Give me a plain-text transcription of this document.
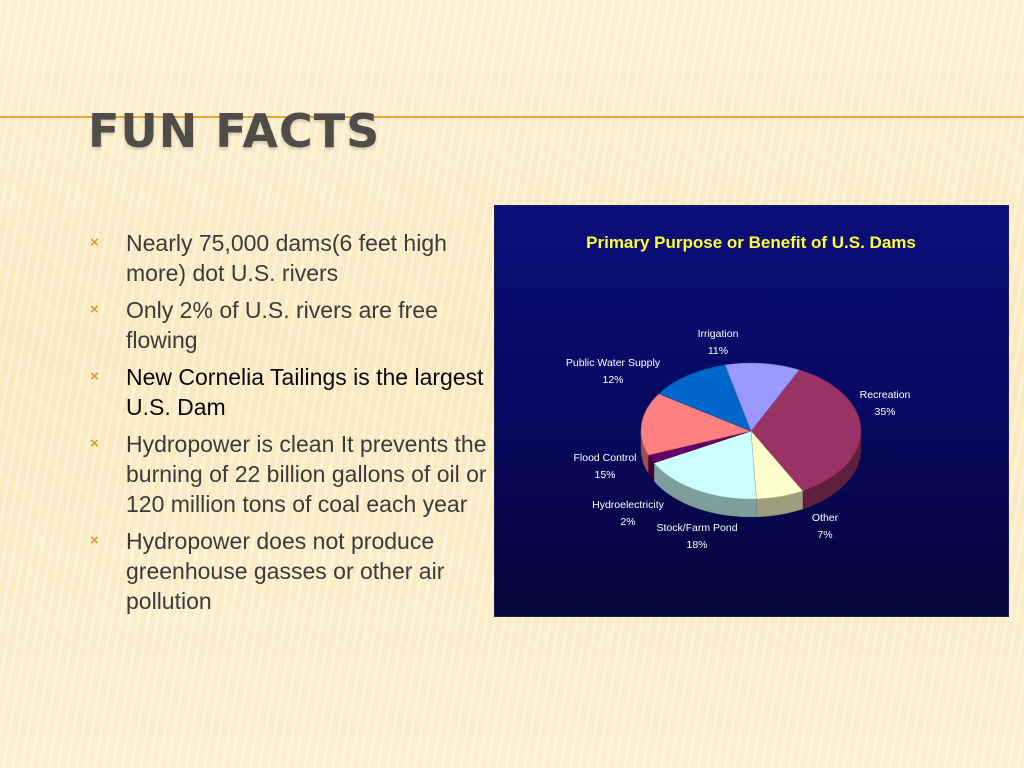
FUN FACTS
× Nearly 75,000 dams(6 feet high more) dot U.S. rivers
× Only 2% of U.S. rivers are free flowing
× New Cornelia Tailings is the largest U.S. Dam
× Hydropower is clean It prevents the burning of 22 billion gallons of oil or 120 million tons of coal each year
× Hydropower does not produce greenhouse gasses or other air pollution
Primary Purpose or Benefit of U.S. Dams
Recreation
35%
Other
7%
Stock/Farm Pond
18%
Hydroelectricity
2%
Flood Control
15%
Public Water Supply
12%
Irrigation
11%
